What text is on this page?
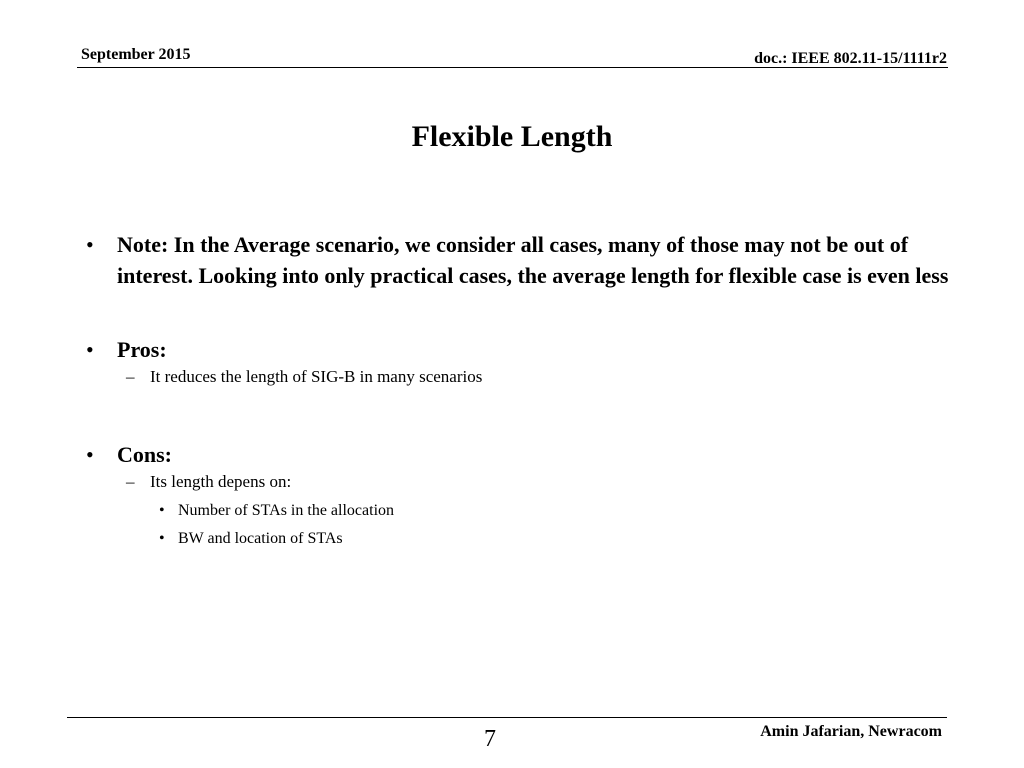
September 2015	doc.: IEEE 802.11-15/1111r2
Flexible Length
• Note: In the Average scenario, we consider all cases, many of those may not be out of interest. Looking into only practical cases, the average length for flexible case is even less
• Pros:
– It reduces the length of SIG-B in many scenarios
• Cons:
– Its length depens on:
• Number of STAs in the allocation
• BW and location of STAs
7	Amin Jafarian, Newracom
